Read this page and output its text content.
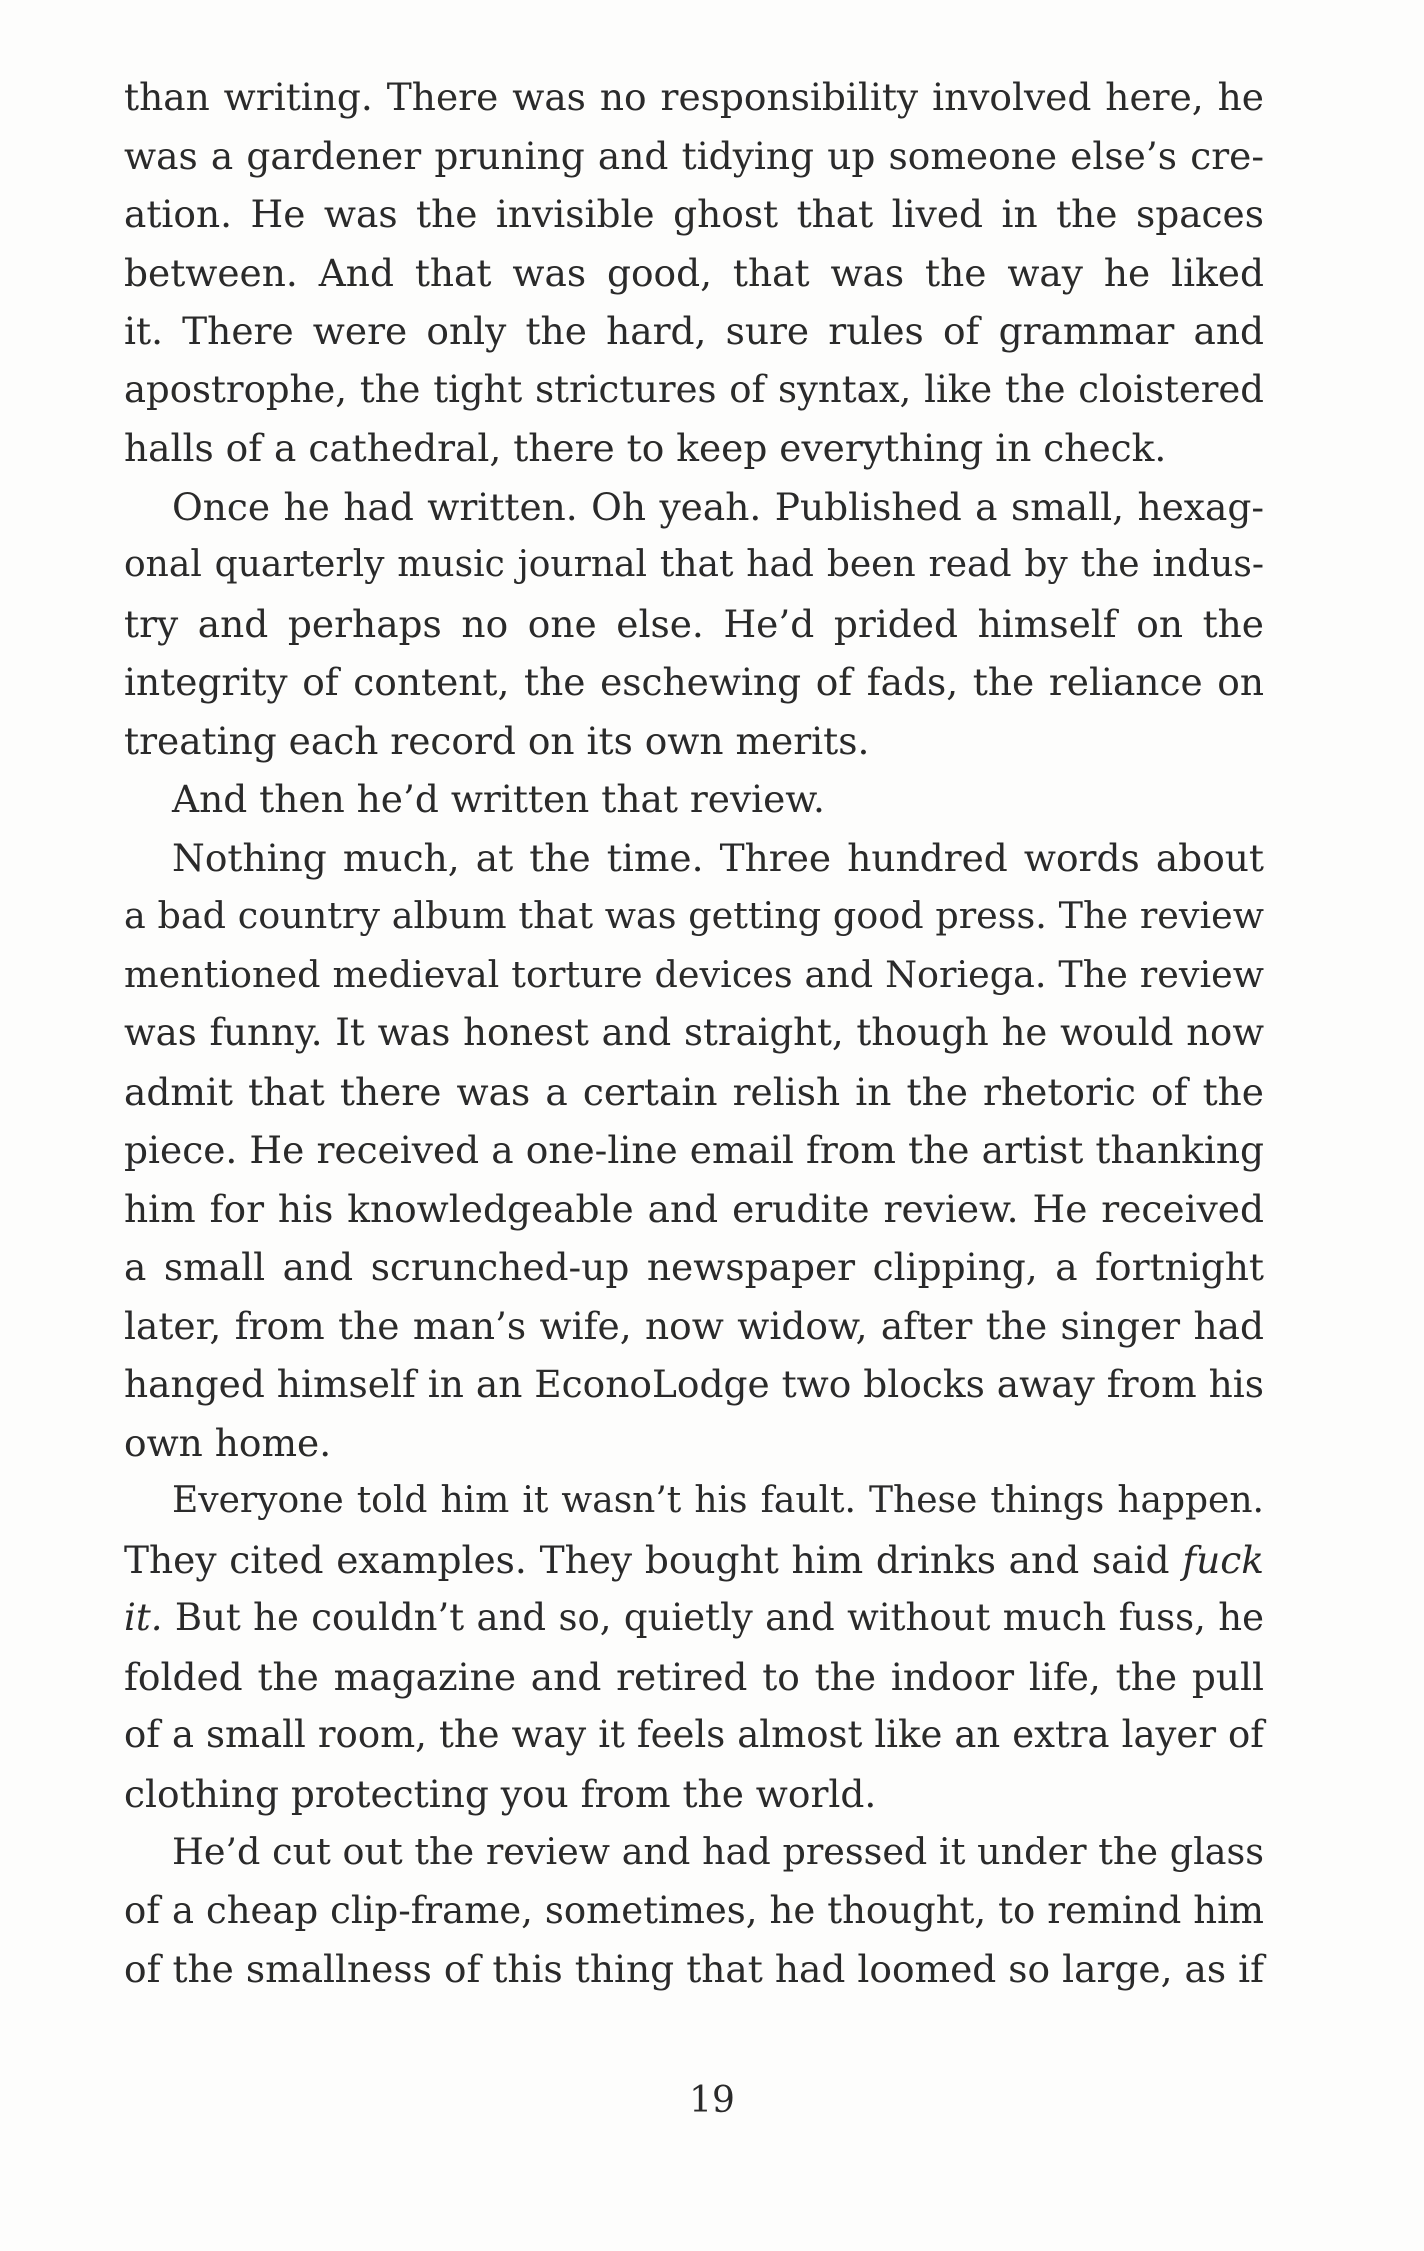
than writing. There was no responsibility involved here, he
was a gardener pruning and tidying up someone else’s cre-
ation. He was the invisible ghost that lived in the spaces
between. And that was good, that was the way he liked
it. There were only the hard, sure rules of grammar and
apostrophe, the tight strictures of syntax, like the cloistered
halls of a cathedral, there to keep everything in check.
Once he had written. Oh yeah. Published a small, hexag-
onal quarterly music journal that had been read by the indus-
try and perhaps no one else. He’d prided himself on the
integrity of content, the eschewing of fads, the reliance on
treating each record on its own merits.
And then he’d written that review.
Nothing much, at the time. Three hundred words about
a bad country album that was getting good press. The review
mentioned medieval torture devices and Noriega. The review
was funny. It was honest and straight, though he would now
admit that there was a certain relish in the rhetoric of the
piece. He received a one-line email from the artist thanking
him for his knowledgeable and erudite review. He received
a small and scrunched-up newspaper clipping, a fortnight
later, from the man’s wife, now widow, after the singer had
hanged himself in an EconoLodge two blocks away from his
own home.
Everyone told him it wasn’t his fault. These things happen.
They cited examples. They bought him drinks and said fuck
it. But he couldn’t and so, quietly and without much fuss, he
folded the magazine and retired to the indoor life, the pull
of a small room, the way it feels almost like an extra layer of
clothing protecting you from the world.
He’d cut out the review and had pressed it under the glass
of a cheap clip-frame, sometimes, he thought, to remind him
of the smallness of this thing that had loomed so large, as if
19
